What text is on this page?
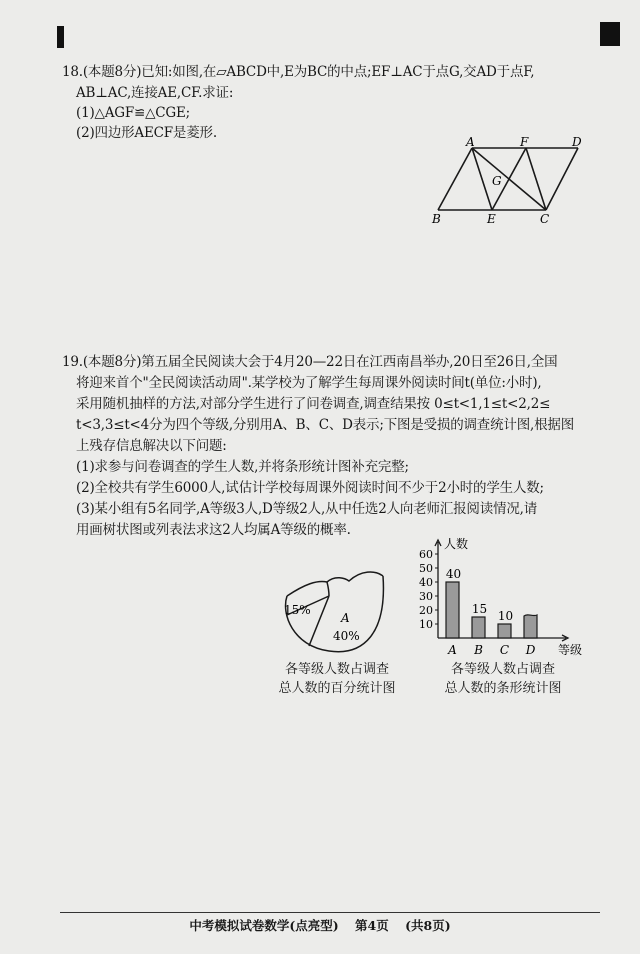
18.(本题8分)已知:如图,在▱ABCD中,E为BC的中点;EF⊥AC于点G,交AD于点F,
AB⊥AC,连接AE,CF.求证:
(1)△AGF≌△CGE;
(2)四边形AECF是菱形.
A	F	D
G
B	E	C
19.(本题8分)第五届全民阅读大会于4月20—22日在江西南昌举办,20日至26日,全国
将迎来首个"全民阅读活动周".某学校为了解学生每周课外阅读时间t(单位:小时),
采用随机抽样的方法,对部分学生进行了问卷调查,调查结果按 0≤t<1,1≤t<2,2≤
t<3,3≤t<4分为四个等级,分别用A、B、C、D表示;下图是受损的调查统计图,根据图
上残存信息解决以下问题:
(1)求参与问卷调查的学生人数,并将条形统计图补充完整;
(2)全校共有学生6000人,试估计学校每周课外阅读时间不少于2小时的学生人数;
(3)某小组有5名同学,A等级3人,D等级2人,从中任选2人向老师汇报阅读情况,请
用画树状图或列表法求这2人均属A等级的概率.
15%
A
40%
各等级人数占调查
总人数的百分统计图
10
20
30
40
50
60
A
40
B
15
C
10
D
人数
等级
各等级人数占调查
总人数的条形统计图
中考模拟试卷数学(点亮型) 第4页 (共8页)
